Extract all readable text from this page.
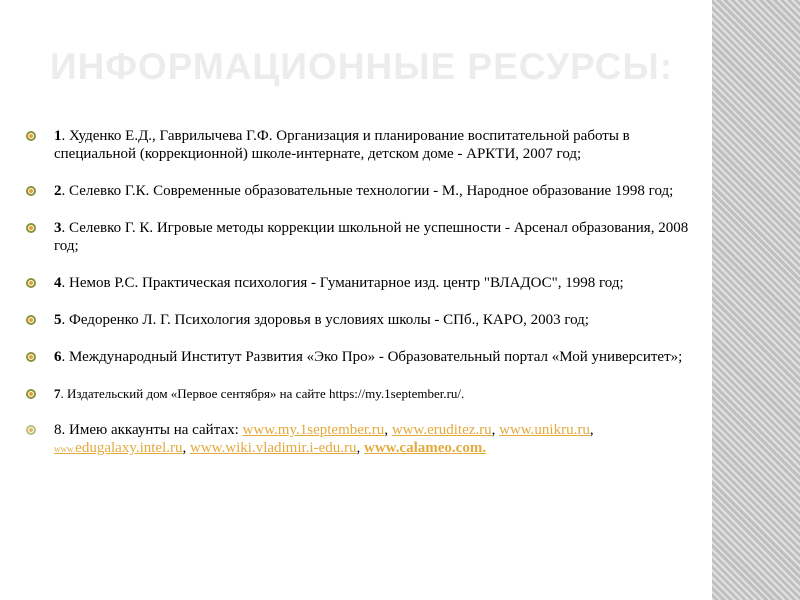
ИНФОРМАЦИОННЫЕ РЕСУРСЫ:
1. Худенко Е.Д., Гаврилычева Г.Ф. Организация и планирование воспитательной работы в специальной (коррекционной) школе-интернате, детском доме - АРКТИ, 2007 год;
2. Селевко Г.К. Современные образовательные технологии - М., Народное образование 1998 год;
3. Селевко Г. К. Игровые методы коррекции школьной не успешности - Арсенал образования, 2008 год;
4. Немов Р.С. Практическая психология - Гуманитарное изд. центр "ВЛАДОС", 1998 год;
5. Федоренко Л. Г. Психология здоровья в условиях школы - СПб., КАРО, 2003 год;
6. Международный Институт Развития «Эко Про» - Образовательный портал «Мой университет»;
7. Издательский дом «Первое сентября» на сайте https://my.1september.ru/.
8. Имею аккаунты на сайтах: www.my.1september.ru, www.eruditez.ru, www.unikru.ru, www.edugalaxy.intel.ru, www.wiki.vladimir.i-edu.ru, www.calameo.com.
